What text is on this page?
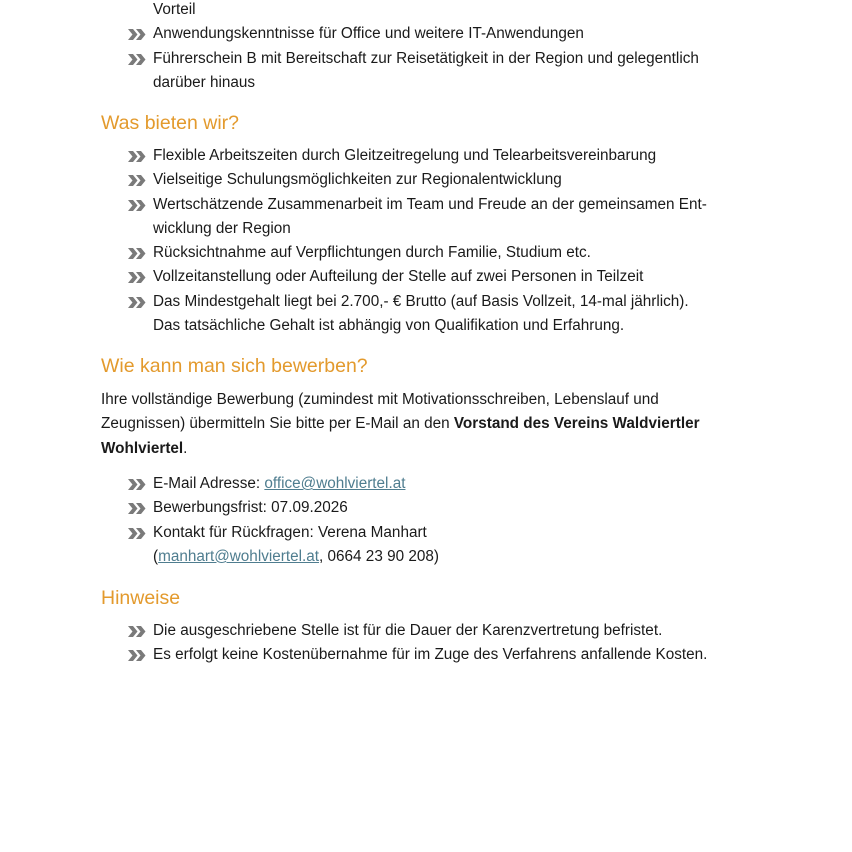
Vorteil
Anwendungskenntnisse für Office und weitere IT-Anwendungen
Führerschein B mit Bereitschaft zur Reisetätigkeit in der Region und gelegentlich
darüber hinaus
Was bieten wir?
Flexible Arbeitszeiten durch Gleitzeitregelung und Telearbeitsvereinbarung
Vielseitige Schulungsmöglichkeiten zur Regionalentwicklung
Wertschätzende Zusammenarbeit im Team und Freude an der gemeinsamen Ent-
wicklung der Region
Rücksichtnahme auf Verpflichtungen durch Familie, Studium etc.
Vollzeitanstellung oder Aufteilung der Stelle auf zwei Personen in Teilzeit
Das Mindestgehalt liegt bei 2.700,- € Brutto (auf Basis Vollzeit, 14-mal jährlich).
Das tatsächliche Gehalt ist abhängig von Qualifikation und Erfahrung.
Wie kann man sich bewerben?

Ihre vollständige Bewerbung (zumindest mit Motivationsschreiben, Lebenslauf und
Zeugnissen) übermitteln Sie bitte per E-Mail an den Vorstand des Vereins Waldviertler
Wohlviertel.

E-Mail Adresse: office@wohlviertel.at
Bewerbungsfrist: 07.09.2026
Kontakt für Rückfragen: Verena Manhart
(manhart@wohlviertel.at, 0664 23 90 208)
Hinweise
Die ausgeschriebene Stelle ist für die Dauer der Karenzvertretung befristet.
Es erfolgt keine Kostenübernahme für im Zuge des Verfahrens anfallende Kosten.
